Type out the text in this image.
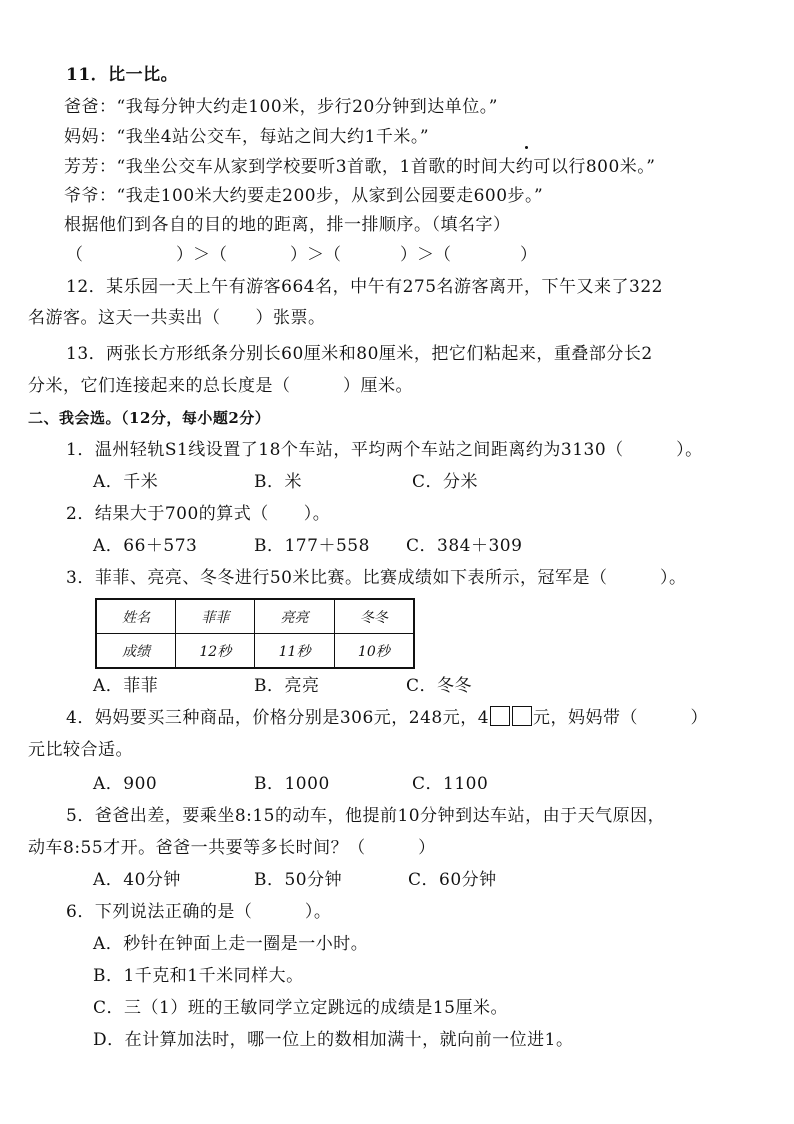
11．比一比。
爸爸：“我每分钟大约走100米，步行20分钟到达单位。”
妈妈：“我坐4站公交车，每站之间大约1千米。”
芳芳：“我坐公交车从家到学校要听3首歌，1首歌的时间大约可以行800米。”
爷爷：“我走100米大约要走200步，从家到公园要走600步。”
根据他们到各自的目的地的距离，排一排顺序。（填名字）
（	）＞（	）＞（	）＞（	）
12．某乐园一天上午有游客664名，中午有275名游客离开，下午又来了322
名游客。这天一共卖出（　　）张票。
13．两张长方形纸条分别长60厘米和80厘米，把它们粘起来，重叠部分长2
分米，它们连接起来的总长度是（　　　）厘米。
二、我会选。（12分，每小题2分）
1．温州轻轨S1线设置了18个车站，平均两个车站之间距离约为3130（　　　）。
A．千米	B．米	C．分米
2．结果大于700的算式（　　）。
A．66＋573	B．177＋558 C．384＋309
3．菲菲、亮亮、冬冬进行50米比赛。比赛成绩如下表所示，冠军是（　　　）。
姓名	菲菲	亮亮	冬冬
成绩	12秒	11秒	10秒
A．菲菲	B．亮亮	C．冬冬
4．妈妈要买三种商品，价格分别是306元，248元，4	元，妈妈带（　　　）
元比较合适。
A．900	B．1000	C．1100
5．爸爸出差，要乘坐8:15的动车，他提前10分钟到达车站，由于天气原因，
动车8:55才开。爸爸一共要等多长时间？（　　　）
A．40分钟	B．50分钟	C．60分钟
6．下列说法正确的是（　　　）。
A．秒针在钟面上走一圈是一小时。
B．1千克和1千米同样大。
C．三（1）班的王敏同学立定跳远的成绩是15厘米。
D．在计算加法时，哪一位上的数相加满十，就向前一位进1。
